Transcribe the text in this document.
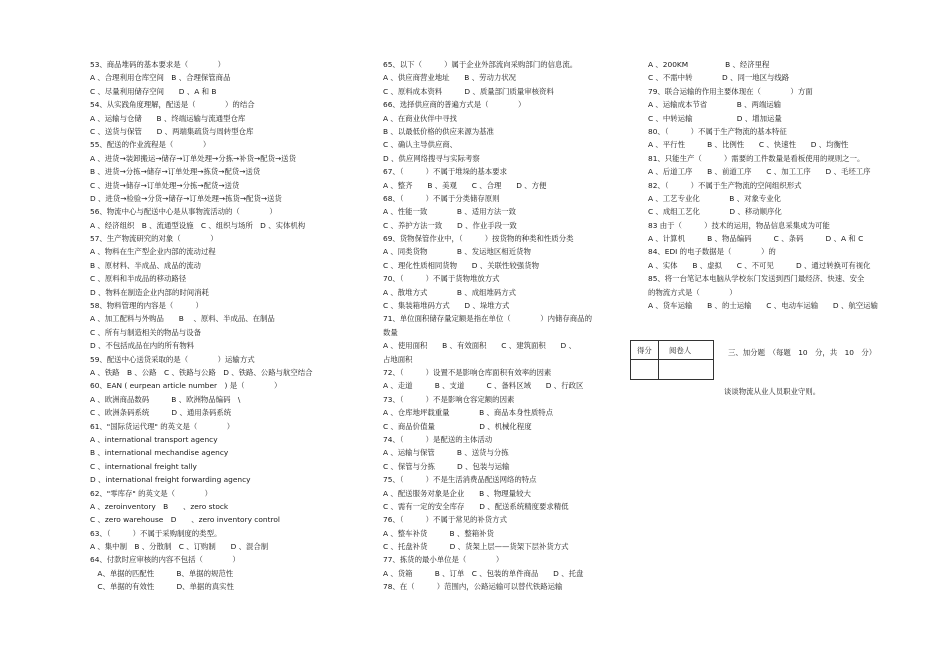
53、商品堆码的基本要求是（　　　　）
A 、合理利用仓库空间　B 、合理保管商品
C 、尽量利用储存空间　　D 、A 和 B
54、从实践角度理解，配送是（　　　　）的结合
A 、运输与仓储　　B 、终端运输与流通型仓库
C 、送货与保管　　D 、两端集疏货与周转型仓库
55、配送的作业流程是（　　　　）
A 、进货→装卸搬运→储存→订单处理→分拣→补货→配货→送货
B 、进货→分拣→储存→订单处理→拣货→配货→送货
C 、进货→储存→订单处理→分拣→配货→送货
D 、进货→检验→分货→储存→订单处理→拣货→配货→送货
56、物流中心与配送中心是从事物流活动的（　　　　）
A 、经济组织　B 、流通型设施　C 、组织与场所　D 、实体机构
57、生产物流研究的对象（　　　　）
A 、物料在生产型企业内部的流动过程
B 、原材料、半成品、成品的流动
C 、原料和半成品的移动路径
D 、物料在制造企业内部的时间消耗
58、物料管理的内容是（　　　）
A 、加工配料与外购品　　B 　、原料、半成品、在制品
C 、所有与制造相关的物品与设备
D 、不包括成品在内的所有物料
59、配送中心送货采取的是（　　　　）运输方式
A 、铁路　B 、公路　C 、铁路与公路　D 、铁路、公路与航空结合
60、EAN ( eurpean article number　) 是（　　　　）
A 、欧洲商品数码　　　B 、欧洲物品编码　\
C 、欧洲条码系统　　　D 、通用条码系统
61、"国际货运代理" 的英文是（　　　　）
A 、international transport agency
B 、international mechandise agency
C 、international freight tally
D 、international freight forwarding agency
62、"零库存" 的英文是（　　　　）
A 、zeroinventory　B　　、zero stock
C 、zero warehouse　D　　、zero inventory control
63、（　　　）不属于采购制度的类型。
A 、集中制　B 、分散制　C 、订购制　　D 、混合制
64、付款时应审核的内容不包括（　　　　）
　A、单据的匹配性　　　B、单据的规范性
　C、单据的有效性　　　D、单据的真实性
65、以下（　　　）属于企业外部流向采购部门的信息流。
A 、供应商营业地址　　B 、劳动力状况
C 、原料成本资料　　　D 、质量部门质量审核资料
66、选择供应商的普遍方式是（　　　　）
A 、在商业伙伴中寻找
B 、以最低价格的供应来源为基准
C 、确认主导供应商、
D 、供应网络搜寻与实际考察
67、（　　　）不属于堆垛的基本要求
A 、整齐　　B 、美观　　C 、合理　　D 、方便
68、（　　　）不属于分类储存原则
A 、性能一致　　　　B 、适用方法一致
C 、养护方法一致　　D 、作业手段一致
69、货物保管作业中，（　　　）按货物的种类和性质分类
A 、同类货物　　　　B 、发运地区相近货物
C 、理化性质相同货物　　D 、关联性较强货物
70、（　　　）不属于货物堆放方式
A 、散堆方式　　　　B 、成组堆码方式
C 、集装箱堆码方式　　D 、垛堆方式
71、单位面积储存量定额是指在单位（　　　　）内储存商品的
数量
A 、使用面积　　B 、有效面积　　C 、建筑面积　　D 、
占地面积
72、（　　　）设置不是影响仓库面积有效率的因素
A 、走道　　　B 、支道　　　C 、备料区域　　D 、行政区
73、（　　　）不是影响仓容定额的因素
A 、仓库地坪载重量　　　　B 、商品本身性质特点
C 、商品价值量　　　　　　D 、机械化程度
74、（　　　）是配送的主体活动
A 、运输与保管　　　B 、送货与分拣
C 、保管与分拣　　　D 、包装与运输
75、（　　　）不是生活消费品配送网络的特点
A 、配送服务对象是企业　　B 、物理量较大
C 、需有一定的安全库存　　D 、配送系统精度要求精低
76、（　　　）不属于常见的补货方式
A 、整车补货　　　B 、整箱补货
C 、托盘补货　　　D 、货架上层——货架下层补货方式
77、拣货的最小单位是（　　　　）
A 、货箱　　　B 、订单　C 、包装的单件商品　　D 、托盘
78、在（　　　）范围内，公路运输可以替代铁路运输
A 、200KM　　　　　B 、经济里程
C 、不需中转　　　　D 、同一地区与线路
79、联合运输的作用主要体现在（　　　　）方面
A 、运输成本节省　　　　B 、两端运输
C 、中转运输　　　　　　D 、增加运量
80、（　　　）不属于生产物流的基本特征
A 、平行性　　　B 、比例性　　C 、快速性　　D 、均衡性
81、只能生产（　　　）需要的工件数量是看板使用的规则之一。
A 、后道工序　　B 、前道工序　　C 、加工工序　　D 、毛坯工序
82、（　　　）不属于生产物流的空间组织形式
A 、工艺专业化　　　　B 、对象专业化
C 、成组工艺化　　　　D 、移动顺序化
83 由于（　　　）技术的运用，物品信息采集成为可能
A 、计算机　　　B 、物品编码　　　C 、条码　　　D 、A 和 C
84、EDI 的电子数据是（　　　　）的
A 、实体　　B 、虚拟　　C 、不可见　　　D 、通过转换可有视化
85、将一台笔记本电脑从学校东门发送到西门最经济、快速、安全
的物流方式是（　　　　）
A 、货车运输　　B 、的士运输　　C 、电动车运输　　D 、航空运输
得分 阅卷人	三、加分题　（每题　10　分，共　10　分）
谈谈物流从业人员职业守则。
